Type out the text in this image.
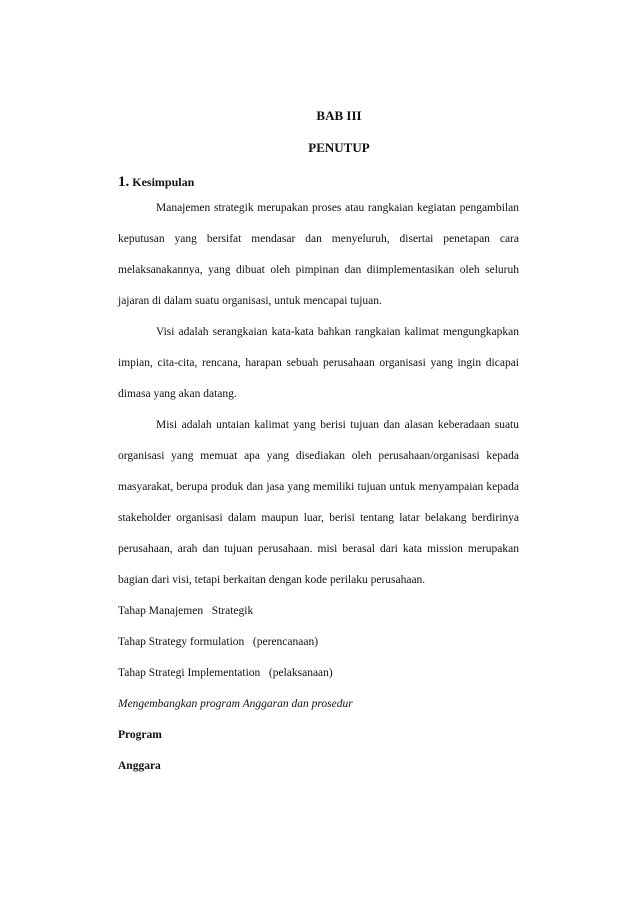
BAB III
PENUTUP
1. Kesimpulan

Manajemen strategik merupakan proses atau rangkaian kegiatan pengambilan keputusan yang bersifat mendasar dan menyeluruh, disertai penetapan cara melaksanakannya, yang dibuat oleh pimpinan dan diimplementasikan oleh seluruh jajaran di dalam suatu organisasi, untuk mencapai tujuan.

Visi adalah serangkaian kata-kata bahkan rangkaian kalimat mengungkapkan impian, cita-cita, rencana, harapan sebuah perusahaan organisasi yang ingin dicapai dimasa yang akan datang.

Misi adalah untaian kalimat yang berisi tujuan dan alasan keberadaan suatu organisasi yang memuat apa yang disediakan oleh perusahaan/organisasi kepada masyarakat, berupa produk dan jasa yang memiliki tujuan untuk menyampaian kepada stakeholder organisasi dalam maupun luar, berisi tentang latar belakang berdirinya perusahaan, arah dan tujuan perusahaan. misi berasal dari kata mission merupakan bagian dari visi, tetapi berkaitan dengan kode perilaku perusahaan.

Tahap Manajemen   Strategik

Tahap Strategy formulation   (perencanaan)

Tahap Strategi Implementation   (pelaksanaan)

Mengembangkan program Anggaran dan prosedur

Program

Anggara
